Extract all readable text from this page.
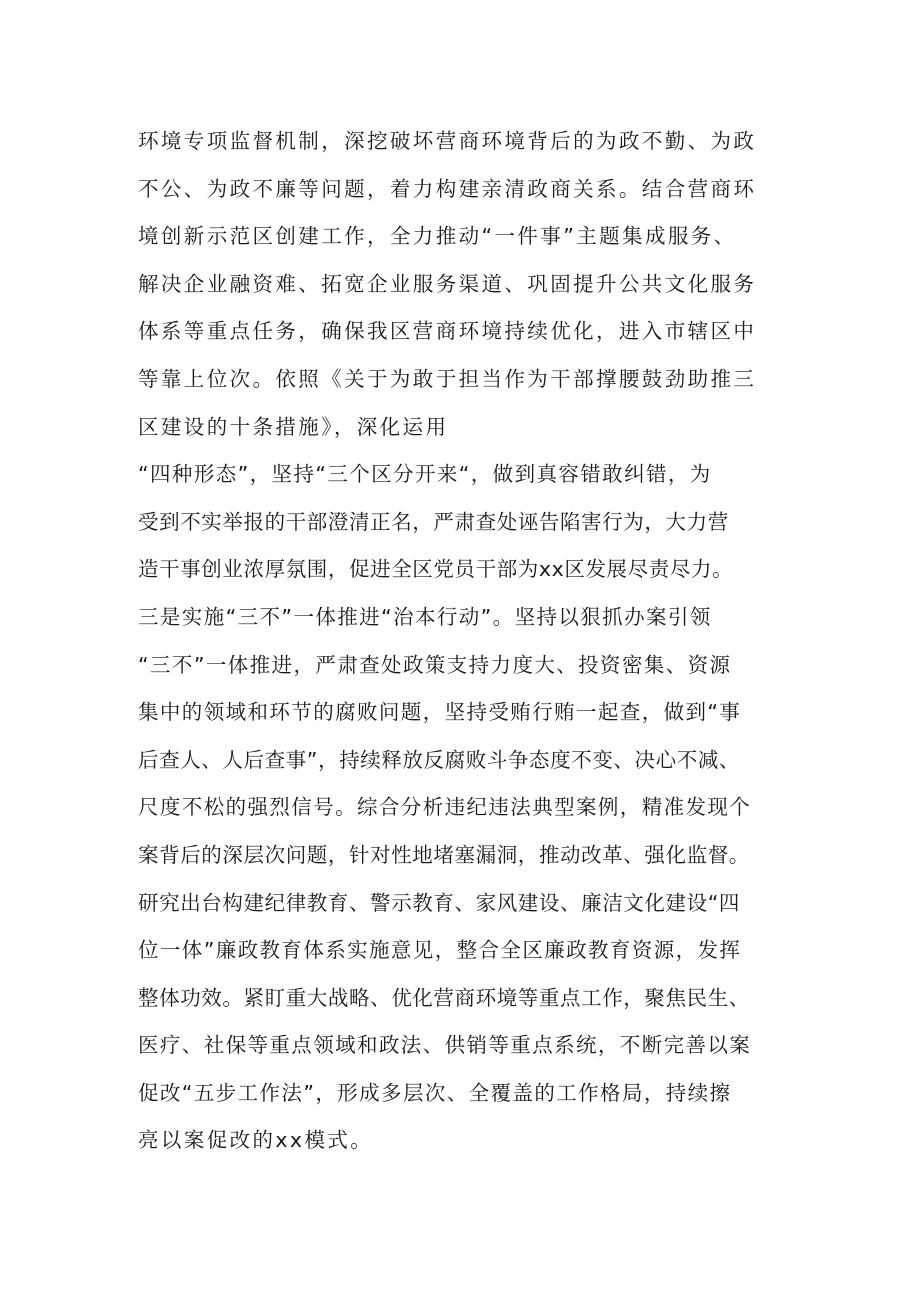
环境专项监督机制，深挖破坏营商环境背后的为政不勤、为政
不公、为政不廉等问题，着力构建亲清政商关系。结合营商环
境创新示范区创建工作，全力推动“一件事”主题集成服务、
解决企业融资难、拓宽企业服务渠道、巩固提升公共文化服务
体系等重点任务，确保我区营商环境持续优化，进入市辖区中
等靠上位次。依照《关于为敢于担当作为干部撑腰鼓劲助推三
区建设的十条措施》，深化运用
“四种形态”，坚持“三个区分开来“，做到真容错敢纠错，为
受到不实举报的干部澄清正名，严肃查处诬告陷害行为，大力营
造干事创业浓厚氛围，促进全区党员干部为xx区发展尽责尽力。
三是实施“三不”一体推进“治本行动”。坚持以狠抓办案引领
“三不”一体推进，严肃查处政策支持力度大、投资密集、资源
集中的领域和环节的腐败问题，坚持受贿行贿一起查，做到“事
后查人、人后查事”，持续释放反腐败斗争态度不变、决心不减、
尺度不松的强烈信号。综合分析违纪违法典型案例，精准发现个
案背后的深层次问题，针对性地堵塞漏洞，推动改革、强化监督。
研究出台构建纪律教育、警示教育、家风建设、廉洁文化建设“四
位一体”廉政教育体系实施意见，整合全区廉政教育资源，发挥
整体功效。紧盯重大战略、优化营商环境等重点工作，聚焦民生、
医疗、社保等重点领域和政法、供销等重点系统，不断完善以案
促改“五步工作法”，形成多层次、全覆盖的工作格局，持续擦
亮以案促改的xx模式。
